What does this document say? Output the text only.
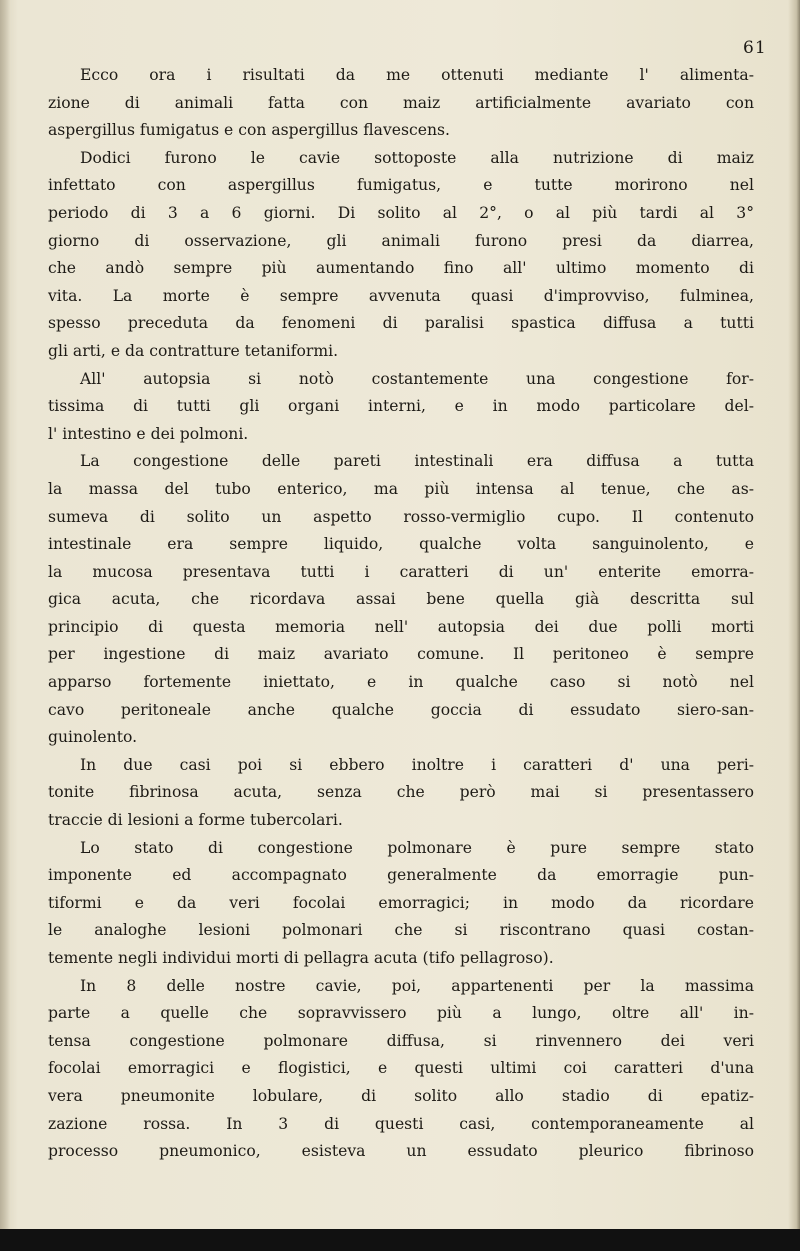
61
Ecco ora i risultati da me ottenuti mediante l' alimenta-
zione di animali fatta con maiz artificialmente avariato con
aspergillus fumigatus e con aspergillus flavescens.
Dodici furono le cavie sottoposte alla nutrizione di maiz
infettato con aspergillus fumigatus, e tutte morirono nel
periodo di 3 a 6 giorni. Di solito al 2°, o al più tardi al 3°
giorno di osservazione, gli animali furono presi da diarrea,
che andò sempre più aumentando fino all' ultimo momento di
vita. La morte è sempre avvenuta quasi d'improvviso, fulminea,
spesso preceduta da fenomeni di paralisi spastica diffusa a tutti
gli arti, e da contratture tetaniformi.
All' autopsia si notò costantemente una congestione for-
tissima di tutti gli organi interni, e in modo particolare del-
l' intestino e dei polmoni.
La congestione delle pareti intestinali era diffusa a tutta
la massa del tubo enterico, ma più intensa al tenue, che as-
sumeva di solito un aspetto rosso-vermiglio cupo. Il contenuto
intestinale era sempre liquido, qualche volta sanguinolento, e
la mucosa presentava tutti i caratteri di un' enterite emorra-
gica acuta, che ricordava assai bene quella già descritta sul
principio di questa memoria nell' autopsia dei due polli morti
per ingestione di maiz avariato comune. Il peritoneo è sempre
apparso fortemente iniettato, e in qualche caso si notò nel
cavo peritoneale anche qualche goccia di essudato siero-san-
guinolento.
In due casi poi si ebbero inoltre i caratteri d' una peri-
tonite fibrinosa acuta, senza che però mai si presentassero
traccie di lesioni a forme tubercolari.
Lo stato di congestione polmonare è pure sempre stato
imponente ed accompagnato generalmente da emorragie pun-
tiformi e da veri focolai emorragici; in modo da ricordare
le analoghe lesioni polmonari che si riscontrano quasi costan-
temente negli individui morti di pellagra acuta (tifo pellagroso).
In 8 delle nostre cavie, poi, appartenenti per la massima
parte a quelle che sopravvissero più a lungo, oltre all' in-
tensa congestione polmonare diffusa, si rinvennero dei veri
focolai emorragici e flogistici, e questi ultimi coi caratteri d'una
vera pneumonite lobulare, di solito allo stadio di epatiz-
zazione rossa. In 3 di questi casi, contemporaneamente al
processo pneumonico, esisteva un essudato pleurico fibrinoso
